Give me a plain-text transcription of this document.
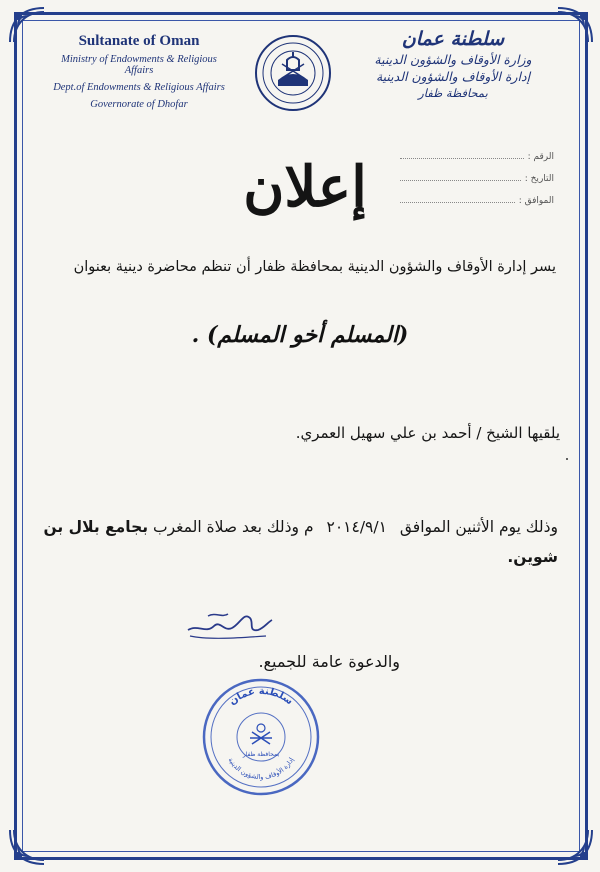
Sultanate of Oman
Ministry of Endowments & Religious Affairs
Dept.of Endowments & Religious Affairs
Governorate of Dhofar
سلطنة عمان
وزارة الأوقاف والشؤون الدينية
إدارة الأوقاف والشؤون الدينية
بمحافظة ظفار
الرقم :
التاريخ :
الموافق :
إعلان
يسر إدارة الأوقاف والشؤون الدينية بمحافظة ظفار أن تنظم محاضرة دينية بعنوان
(المسلم أخو المسلم) .
يلقيها الشيخ / أحمد بن علي سهيل العمري.
وذلك يوم الأثنين الموافق ٢٠١٤/٩/١ م وذلك بعد صلاة المغرب بجامع بلال بن شوين.
والدعوة عامة للجميع.
سلطنة عمان
إدارة الأوقاف والشؤون الدينية
بمحافظة ظفار
